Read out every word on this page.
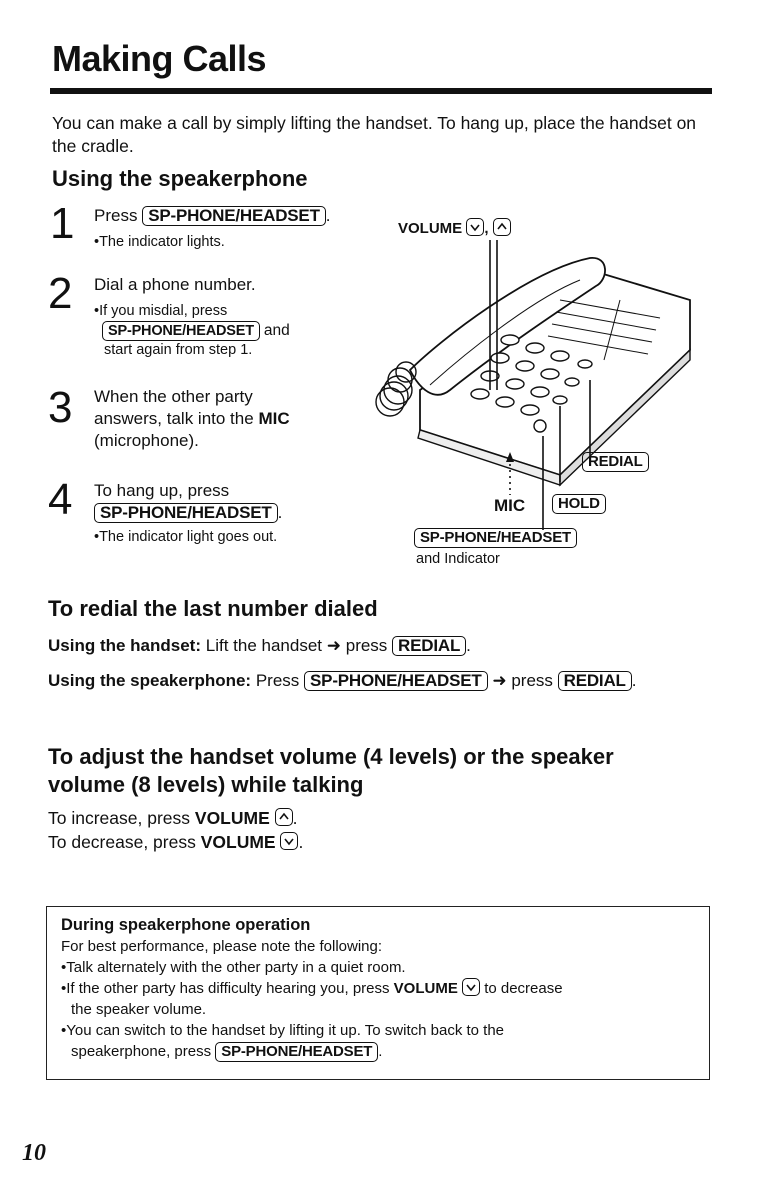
Making Calls
You can make a call by simply lifting the handset. To hang up, place the handset on the cradle.
Using the speakerphone
1 Press SP-PHONE/HEADSET .
•The indicator lights.
2 Dial a phone number.
•If you misdial, press
SP-PHONE/HEADSET and
start again from step 1.
3 When the other party
answers, talk into the MIC
(microphone).
4 To hang up, press
SP-PHONE/HEADSET .
•The indicator light goes out.
VOLUME ,
REDIAL
MIC	HOLD
SP-PHONE/HEADSET
and Indicator
To redial the last number dialed
Using the handset: Lift the handset ➜ press REDIAL .
Using the speakerphone: Press SP-PHONE/HEADSET ➜ press REDIAL .
To adjust the handset volume (4 levels) or the speaker
volume (8 levels) while talking
To increase, press VOLUME .
To decrease, press VOLUME .
During speakerphone operation
For best performance, please note the following:
•Talk alternately with the other party in a quiet room.
•If the other party has difficulty hearing you, press VOLUME to decrease
the speaker volume.
•You can switch to the handset by lifting it up. To switch back to the
speakerphone, press SP-PHONE/HEADSET .
10
